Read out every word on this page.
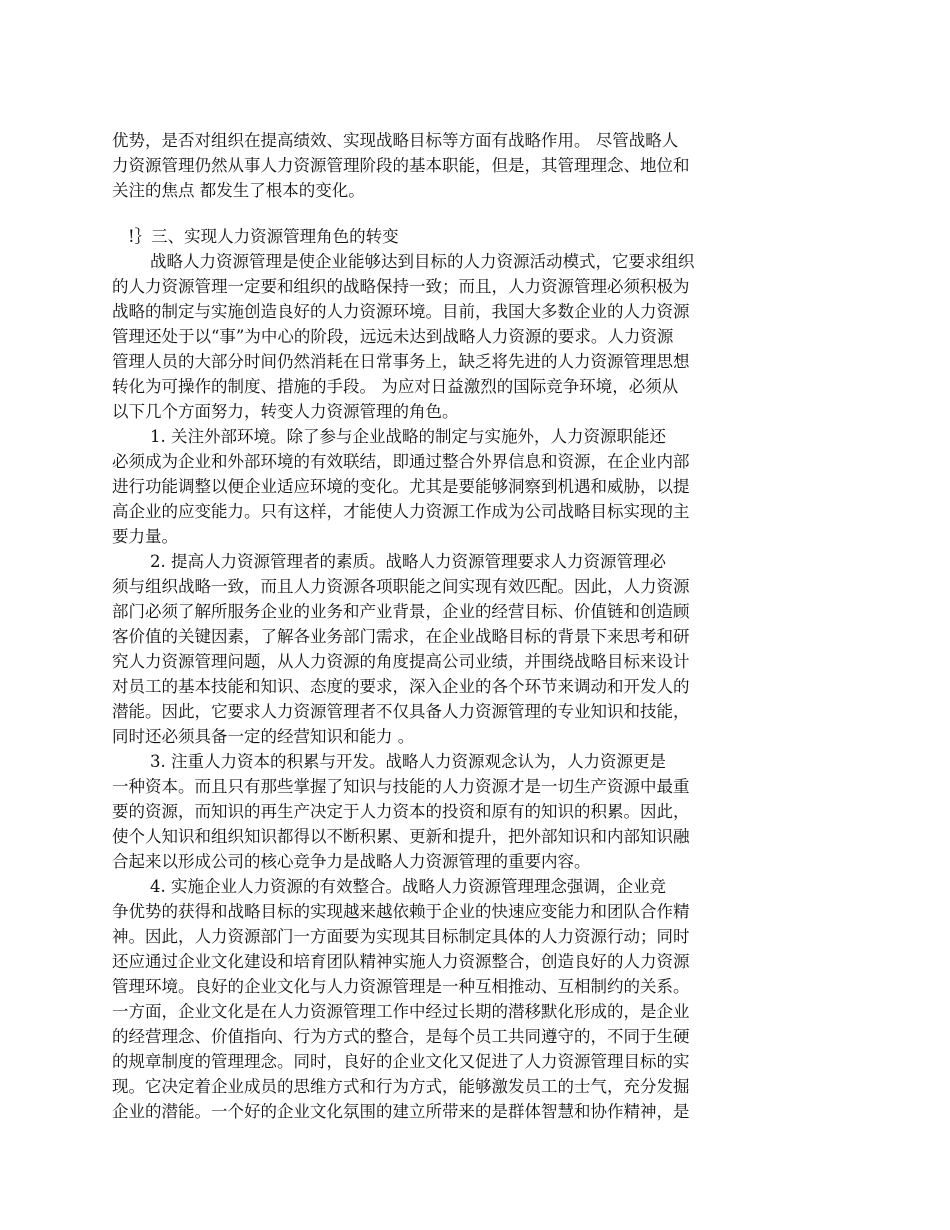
优势，是否对组织在提高绩效、实现战略目标等方面有战略作用。 尽管战略人
力资源管理仍然从事人力资源管理阶段的基本职能，但是，其管理理念、地位和
关注的焦点 都发生了根本的变化。

!｝三、实现人力资源管理角色的转变

战略人力资源管理是使企业能够达到目标的人力资源活动模式，它要求组织
的人力资源管理一定要和组织的战略保持一致；而且，人力资源管理必须积极为
战略的制定与实施创造良好的人力资源环境。目前，我国大多数企业的人力资源
管理还处于以“事”为中心的阶段，远远未达到战略人力资源的要求。人力资源
管理人员的大部分时间仍然消耗在日常事务上，缺乏将先进的人力资源管理思想
转化为可操作的制度、措施的手段。 为应对日益激烈的国际竞争环境，必须从
以下几个方面努力，转变人力资源管理的角色。

1. 关注外部环境。除了参与企业战略的制定与实施外，人力资源职能还
必须成为企业和外部环境的有效联结，即通过整合外界信息和资源，在企业内部
进行功能调整以便企业适应环境的变化。尤其是要能够洞察到机遇和威胁，以提
高企业的应变能力。只有这样，才能使人力资源工作成为公司战略目标实现的主
要力量。

2. 提高人力资源管理者的素质。战略人力资源管理要求人力资源管理必
须与组织战略一致，而且人力资源各项职能之间实现有效匹配。因此，人力资源
部门必须了解所服务企业的业务和产业背景，企业的经营目标、价值链和创造顾
客价值的关键因素，了解各业务部门需求，在企业战略目标的背景下来思考和研
究人力资源管理问题，从人力资源的角度提高公司业绩，并围绕战略目标来设计
对员工的基本技能和知识、态度的要求，深入企业的各个环节来调动和开发人的
潜能。因此，它要求人力资源管理者不仅具备人力资源管理的专业知识和技能，
同时还必须具备一定的经营知识和能力 。

3. 注重人力资本的积累与开发。战略人力资源观念认为，人力资源更是
一种资本。而且只有那些掌握了知识与技能的人力资源才是一切生产资源中最重
要的资源，而知识的再生产决定于人力资本的投资和原有的知识的积累。因此，
使个人知识和组织知识都得以不断积累、更新和提升，把外部知识和内部知识融
合起来以形成公司的核心竞争力是战略人力资源管理的重要内容。

4. 实施企业人力资源的有效整合。战略人力资源管理理念强调，企业竞
争优势的获得和战略目标的实现越来越依赖于企业的快速应变能力和团队合作精
神。因此，人力资源部门一方面要为实现其目标制定具体的人力资源行动；同时
还应通过企业文化建设和培育团队精神实施人力资源整合，创造良好的人力资源
管理环境。良好的企业文化与人力资源管理是一种互相推动、互相制约的关系。
一方面，企业文化是在人力资源管理工作中经过长期的潜移默化形成的，是企业
的经营理念、价值指向、行为方式的整合，是每个员工共同遵守的，不同于生硬
的规章制度的管理理念。同时，良好的企业文化又促进了人力资源管理目标的实
现。它决定着企业成员的思维方式和行为方式，能够激发员工的士气，充分发掘
企业的潜能。一个好的企业文化氛围的建立所带来的是群体智慧和协作精神，是
